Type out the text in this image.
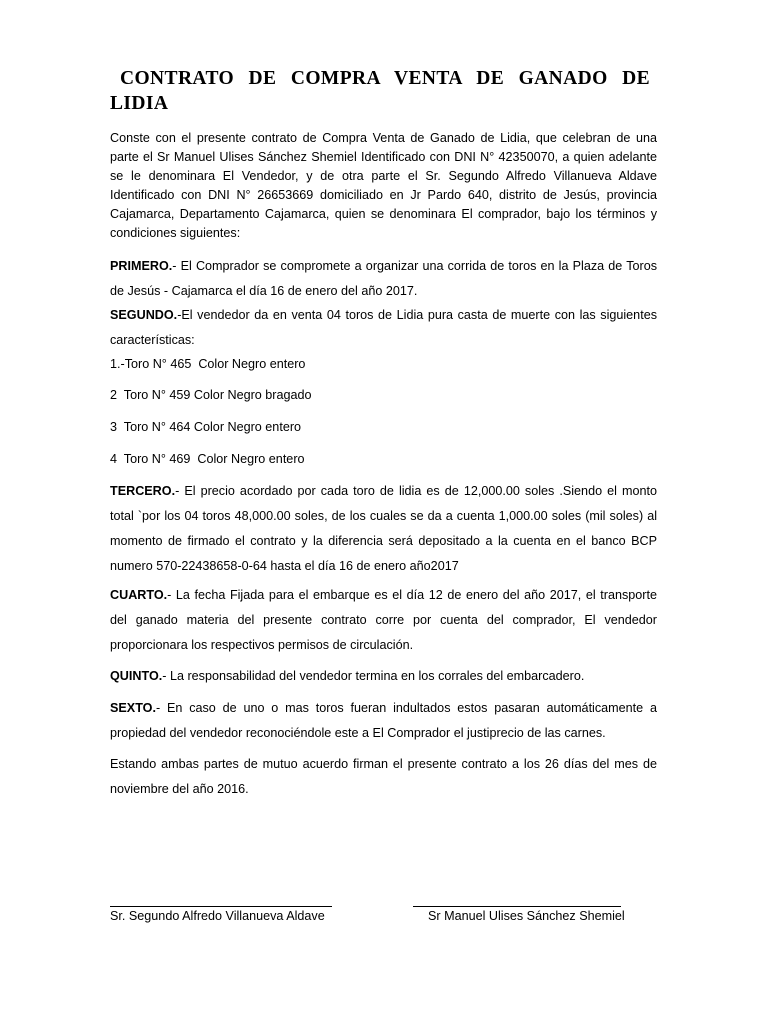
CONTRATO DE COMPRA VENTA DE GANADO DE LIDIA

Conste con el presente contrato de Compra Venta de Ganado de Lidia, que celebran de una parte el Sr Manuel Ulises Sánchez Shemiel Identificado con DNI N° 42350070, a quien adelante se le denominara El Vendedor, y de otra parte el Sr. Segundo Alfredo Villanueva Aldave Identificado con DNI N° 26653669 domiciliado en Jr Pardo 640, distrito de Jesús, provincia Cajamarca, Departamento Cajamarca, quien se denominara El comprador, bajo los términos y condiciones siguientes:

PRIMERO.- El Comprador se compromete a organizar una corrida de toros en la Plaza de Toros de Jesús - Cajamarca el día 16 de enero del año 2017.

SEGUNDO.-El vendedor da en venta 04 toros de Lidia pura casta de muerte con las siguientes características:

1.-Toro N° 465  Color Negro entero
2  Toro N° 459 Color Negro bragado
3  Toro N° 464 Color Negro entero
4  Toro N° 469  Color Negro entero

TERCERO.- El precio acordado por cada toro de lidia es de 12,000.00 soles .Siendo el monto total `por los 04 toros 48,000.00 soles, de los cuales se da a cuenta 1,000.00 soles (mil soles) al momento de firmado el contrato y la diferencia será depositado a la cuenta en el banco BCP numero 570-22438658-0-64 hasta el día 16 de enero año2017

CUARTO.- La fecha Fijada para el embarque es el día 12 de enero del año 2017, el transporte del ganado materia del presente contrato corre por cuenta del comprador, El vendedor proporcionara los respectivos permisos de circulación.

QUINTO.- La responsabilidad del vendedor termina en los corrales del embarcadero.

SEXTO.- En caso de uno o mas toros fueran indultados estos pasaran automáticamente a propiedad del vendedor reconociéndole este a El Comprador el justiprecio de las carnes.

Estando ambas partes de mutuo acuerdo firman el presente contrato a los 26 días del mes de noviembre del año 2016.

Sr. Segundo Alfredo Villanueva Aldave	Sr Manuel Ulises Sánchez Shemiel
